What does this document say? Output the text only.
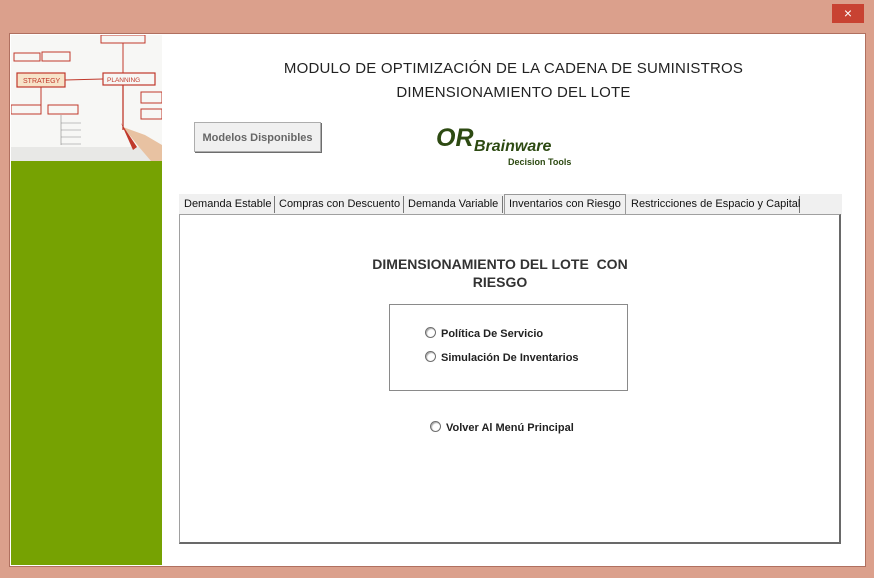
×
STRATEGY	PLANNING
MODULO DE OPTIMIZACIÓN DE LA CADENA DE SUMINISTROS
DIMENSIONAMIENTO DEL LOTE
Modelos Disponibles	OR Brainware
Decision Tools
Demanda Estable Compras con Descuento Demanda Variable Inventarios con Riesgo Restricciones de Espacio y Capital
DIMENSIONAMIENTO DEL LOTE  CON
RIESGO
Política De Servicio
Simulación De Inventarios
Volver Al Menú Principal
